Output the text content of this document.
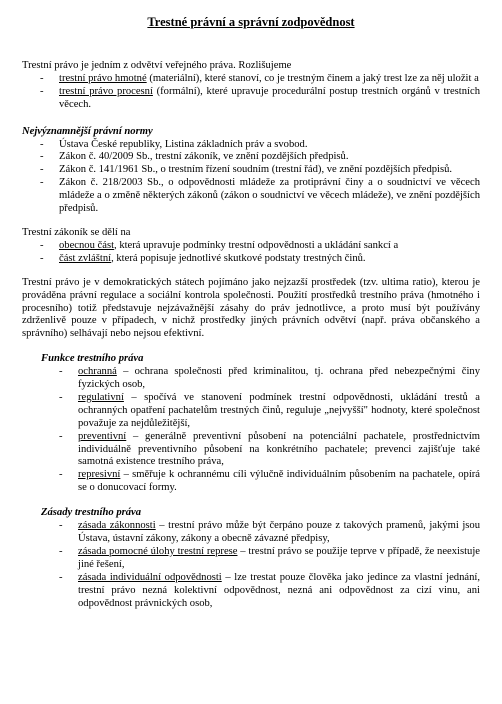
Trestné právní a správní zodpovědnost

Trestní právo je jedním z odvětví veřejného práva. Rozlišujeme

- trestní právo hmotné (materiální), které stanoví, co je trestným činem a jaký trest lze za něj uložit a
- trestní právo procesní (formální), které upravuje procedurální postup trestních orgánů v trestních věcech.

Nejvýznamnější právní normy

- Ústava České republiky, Listina základních práv a svobod.
- Zákon č. 40/2009 Sb., trestní zákoník, ve znění pozdějších předpisů.
- Zákon č. 141/1961 Sb., o trestním řízení soudním (trestní řád), ve znění pozdějších předpisů.
- Zákon č. 218/2003 Sb., o odpovědnosti mládeže za protiprávní činy a o soudnictví ve věcech mládeže a o změně některých zákonů (zákon o soudnictví ve věcech mládeže), ve znění pozdějších předpisů.

Trestní zákoník se dělí na

- obecnou část, která upravuje podmínky trestní odpovědnosti a ukládání sankcí a
- část zvláštní, která popisuje jednotlivé skutkové podstaty trestných činů.

Trestní právo je v demokratických státech pojímáno jako nejzazší prostředek (tzv. ultima ratio), kterou je prováděna právní regulace a sociální kontrola společnosti. Použití prostředků trestního práva (hmotného i procesního) totiž představuje nejzávažnější zásahy do práv jednotlivce, a proto musí být používány zdrženlivě pouze v případech, v nichž prostředky jiných právních odvětví (např. práva občanského a správního) selhávají nebo nejsou efektivní.

Funkce trestního práva

- ochranná – ochrana společnosti před kriminalitou, tj. ochrana před nebezpečnými činy fyzických osob,
- regulativní – spočívá ve stanovení podmínek trestní odpovědnosti, ukládání trestů a ochranných opatření pachatelům trestných činů, reguluje „nejvyšší" hodnoty, které společnost považuje za nejdůležitější,
- preventivní – generálně preventivní působení na potenciální pachatele, prostřednictvím individuálně preventivního působení na konkrétního pachatele; prevenci zajišťuje také samotná existence trestního práva,
- represivní – směřuje k ochrannému cíli výlučně individuálním působením na pachatele, opírá se o donucovací formy.

Zásady trestního práva

- zásada zákonnosti – trestní právo může být čerpáno pouze z takových pramenů, jakými jsou Ústava, ústavní zákony, zákony a obecně závazné předpisy,
- zásada pomocné úlohy trestní represe – trestní právo se použije teprve v případě, že neexistuje jiné řešení,
- zásada individuální odpovědnosti – lze trestat pouze člověka jako jedince za vlastní jednání, trestní právo nezná kolektivní odpovědnost, nezná ani odpovědnost za cizí vinu, ani odpovědnost právnických osob,
